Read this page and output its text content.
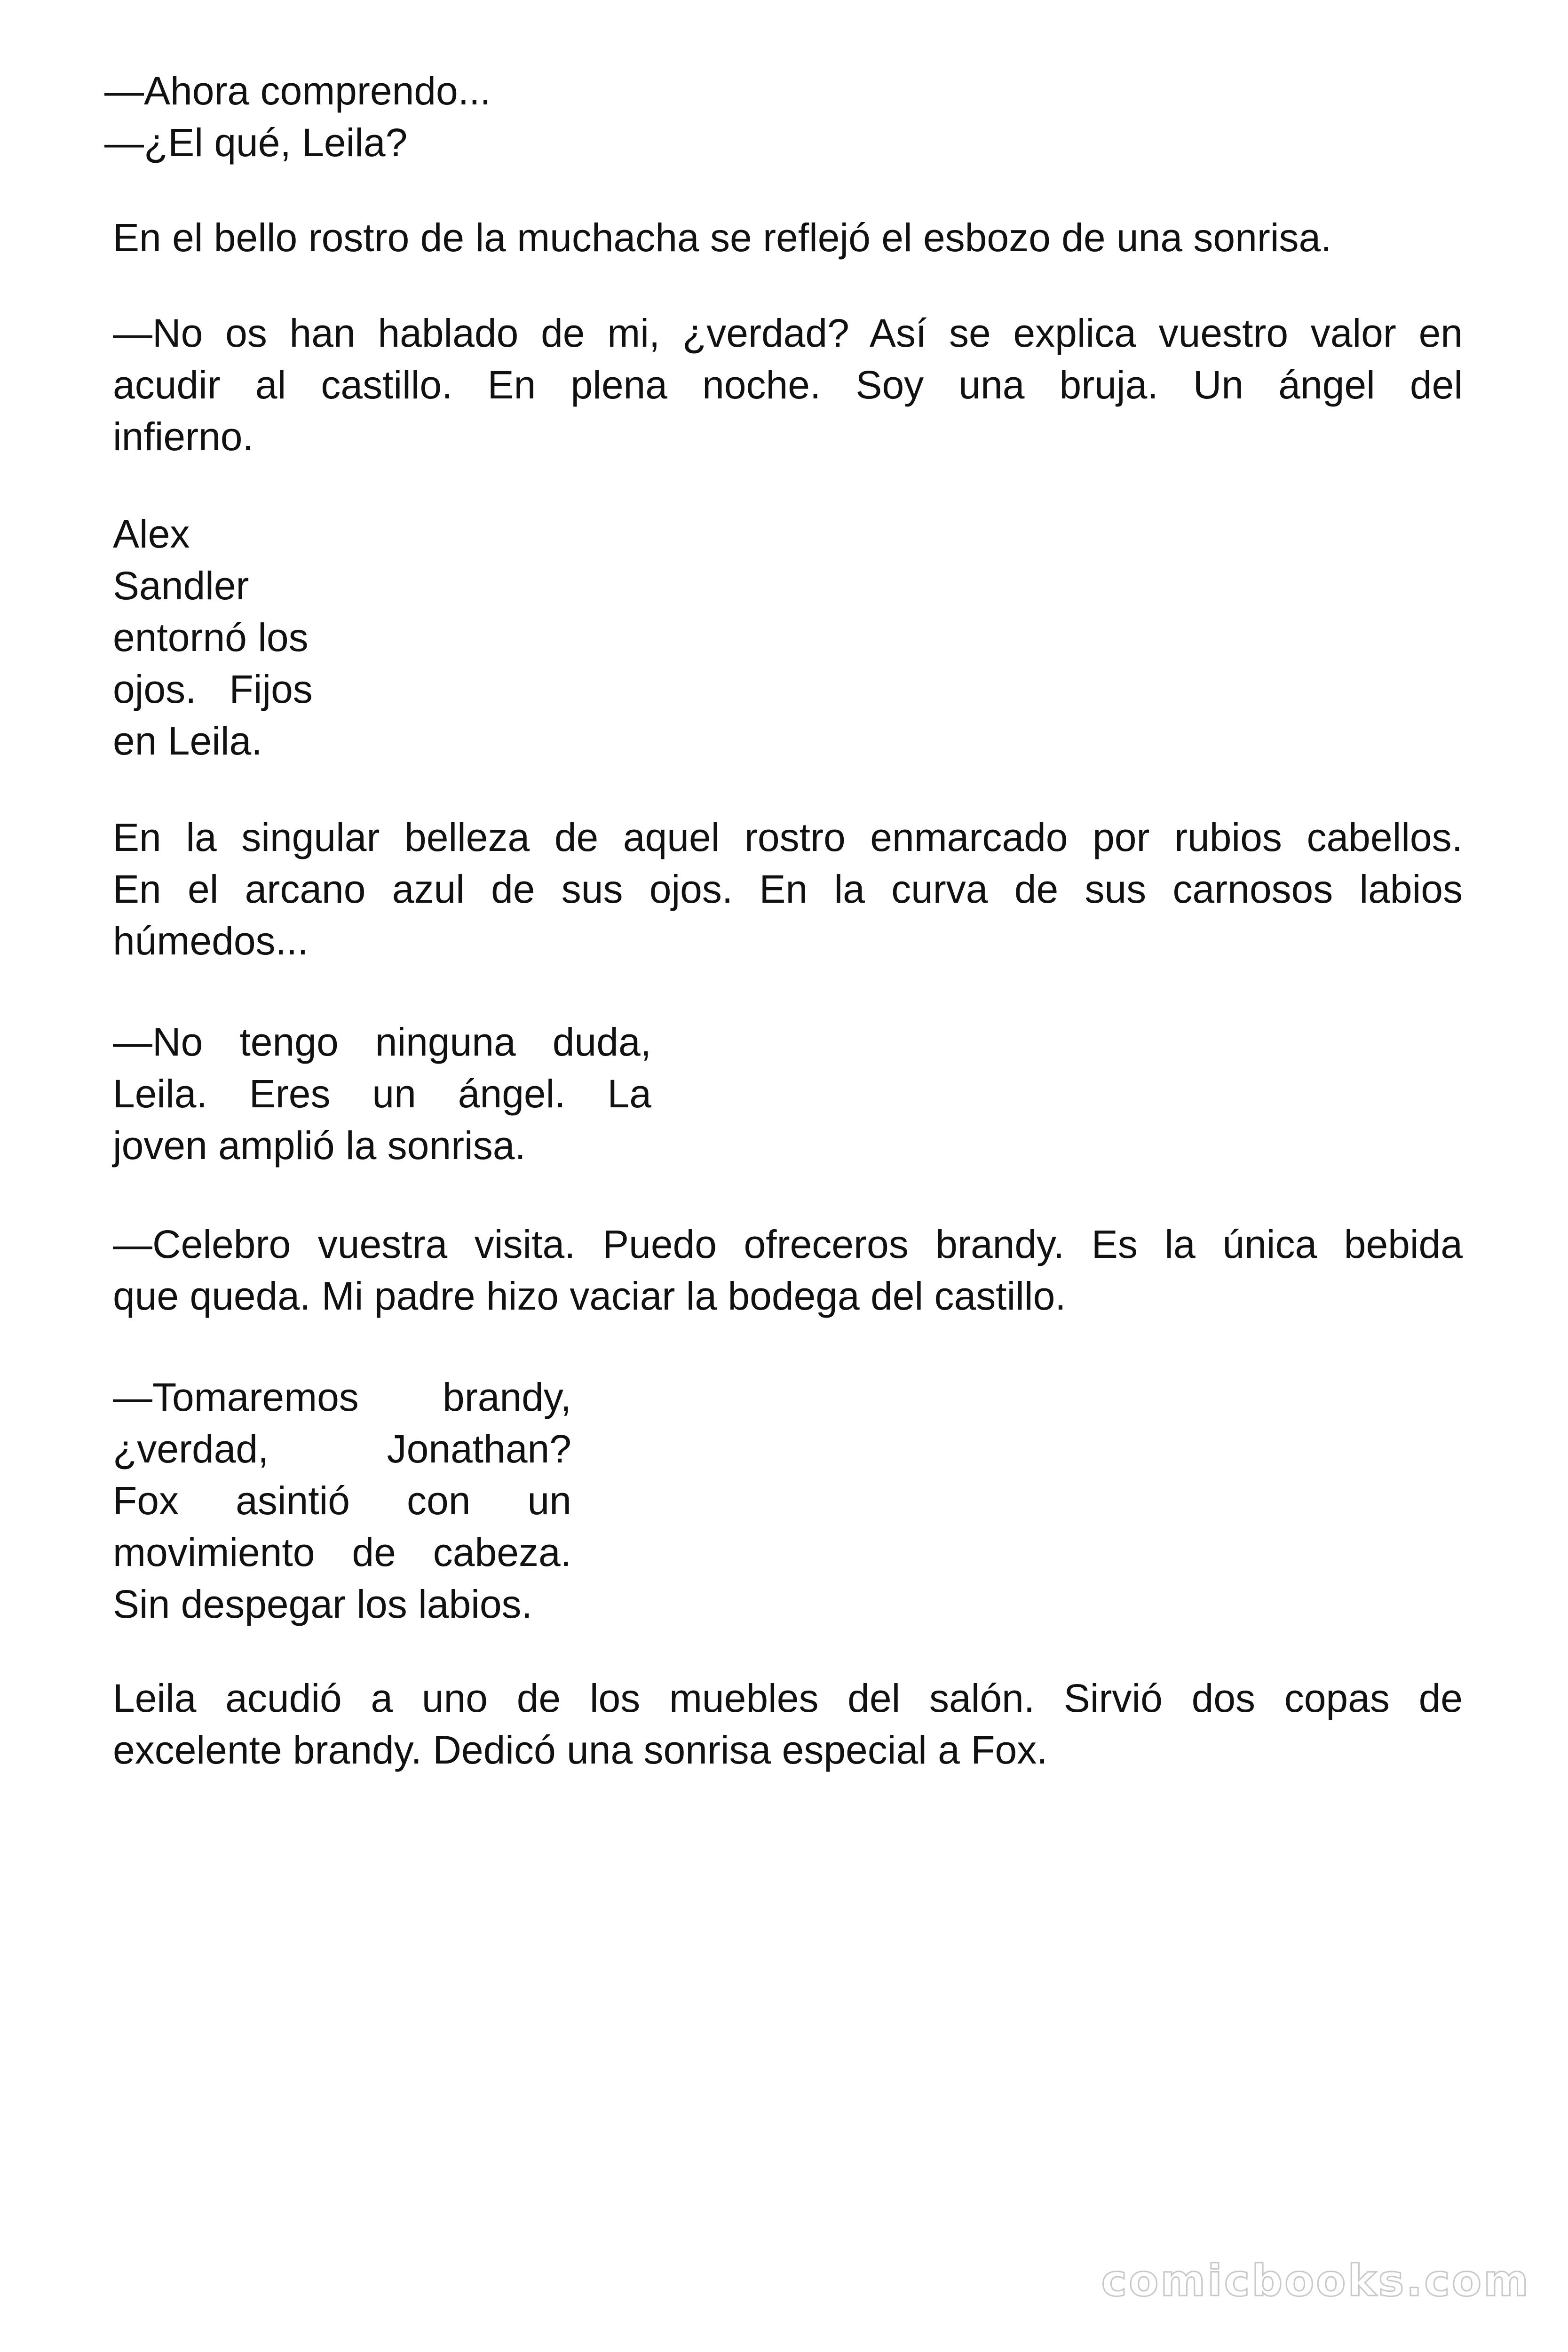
—Ahora comprendo...

—¿El qué, Leila?

En el bello rostro de la muchacha se reflejó el esbozo de una sonrisa.

—No os han hablado de mi, ¿verdad? Así se explica vuestro valor en
acudir al castillo. En plena noche. Soy una bruja. Un ángel del
infierno.
Alex
Sandler
entornó los
ojos.   Fijos
en Leila.
En la singular belleza de aquel rostro enmarcado por rubios cabellos.
En el arcano azul de sus ojos. En la curva de sus carnosos labios
húmedos...
—No tengo ninguna duda,
Leila. Eres un ángel. La
joven amplió la sonrisa.
—Celebro vuestra visita. Puedo ofreceros brandy. Es la única bebida
que queda. Mi padre hizo vaciar la bodega del castillo.
—Tomaremos brandy,
¿verdad, Jonathan?
Fox asintió con un
movimiento de cabeza.
Sin despegar los labios.
Leila acudió a uno de los muebles del salón. Sirvió dos copas de
excelente brandy. Dedicó una sonrisa especial a Fox.
comicbooks.com
